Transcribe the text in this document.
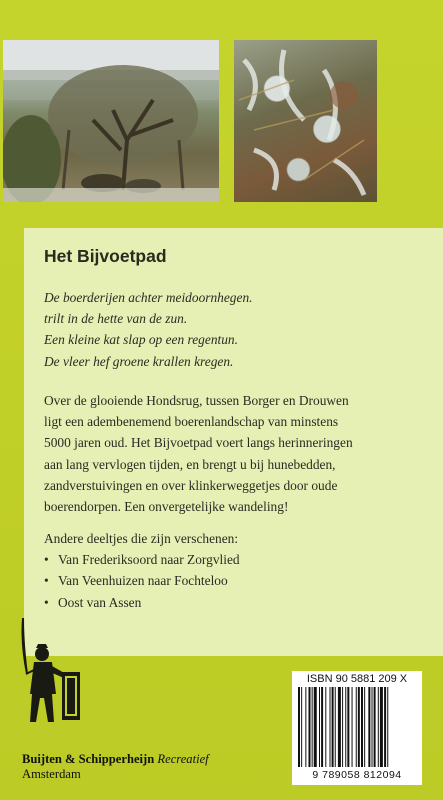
Het Bijvoetpad
De boerderijen achter meidoornhegen.
trilt in de hette van de zun.
Een kleine kat slap op een regentun.
De vleer hef groene krallen kregen.

Over de glooiende Hondsrug, tussen Borger en Drouwen
ligt een adembenemend boerenlandschap van minstens
5000 jaren oud. Het Bijvoetpad voert langs herinneringen
aan lang vervlogen tijden, en brengt u bij hunebedden,
zandverstuivingen en over klinkerweggetjes door oude
boerendorpen. Een onvergetelijke wandeling!

Andere deeltjes die zijn verschenen:

• Van Frederiksoord naar Zorgvlied
• Van Veenhuizen naar Fochteloo
• Oost van Assen
Buijten & Schipperheijn Recreatief
Amsterdam
ISBN 90 5881 209 X
9 789058 812094
